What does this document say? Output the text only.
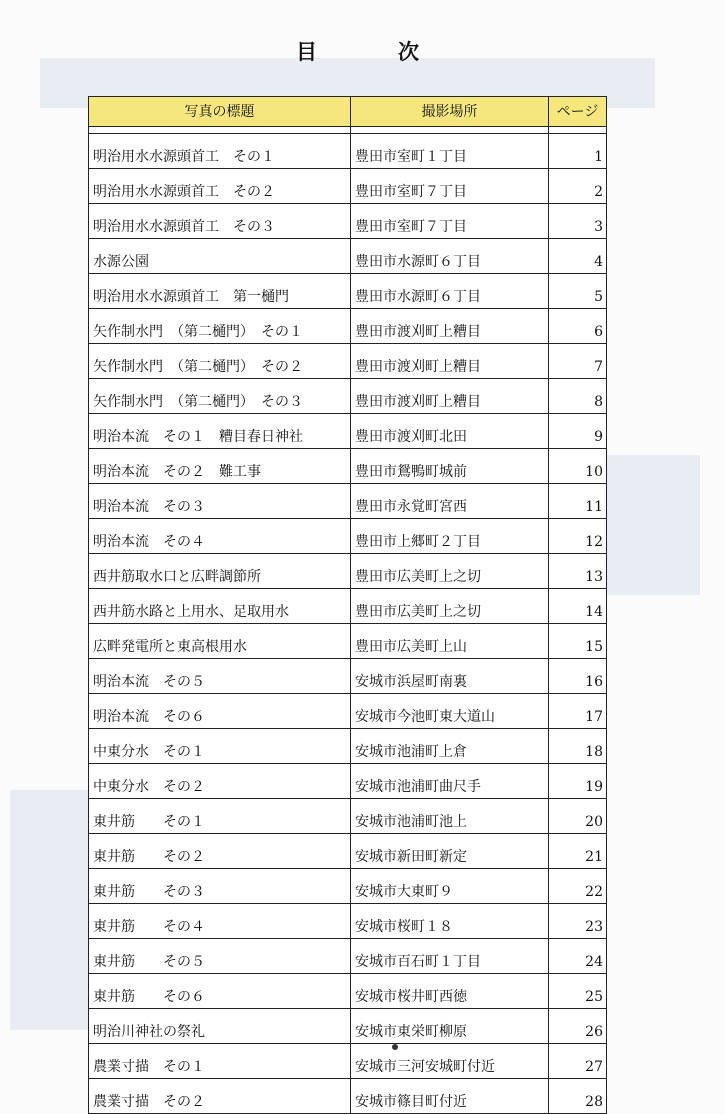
目　次
写真の標題	撮影場所	ページ

明治用水水源頭首工　その１	豊田市室町１丁目	1
明治用水水源頭首工　その２	豊田市室町７丁目	2
明治用水水源頭首工　その３	豊田市室町７丁目	3
水源公園	豊田市水源町６丁目	4
明治用水水源頭首工　第一樋門	豊田市水源町６丁目	5
矢作制水門　（第二樋門）　その１	豊田市渡刈町上糟目	6
矢作制水門　（第二樋門）　その２	豊田市渡刈町上糟目	7
矢作制水門　（第二樋門）　その３	豊田市渡刈町上糟目	8
明治本流　その１　糟目春日神社	豊田市渡刈町北田	9
明治本流　その２　難工事	豊田市鴛鴨町城前	10
明治本流　その３	豊田市永覚町宮西	11
明治本流　その４	豊田市上郷町２丁目	12
西井筋取水口と広畔調節所	豊田市広美町上之切	13
西井筋水路と上用水、足取用水	豊田市広美町上之切	14
広畔発電所と東高根用水	豊田市広美町上山	15
明治本流　その５	安城市浜屋町南裏	16
明治本流　その６	安城市今池町東大道山	17
中東分水　その１	安城市池浦町上倉	18
中東分水　その２	安城市池浦町曲尺手	19
東井筋　　その１	安城市池浦町池上	20
東井筋　　その２	安城市新田町新定	21
東井筋　　その３	安城市大東町９	22
東井筋　　その４	安城市桜町１８	23
東井筋　　その５	安城市百石町１丁目	24
東井筋　　その６	安城市桜井町西徳	25
明治川神社の祭礼	安城市東栄町柳原	26
農業寸描　その１	安城市三河安城町付近	27
農業寸描　その２	安城市篠目町付近	28
